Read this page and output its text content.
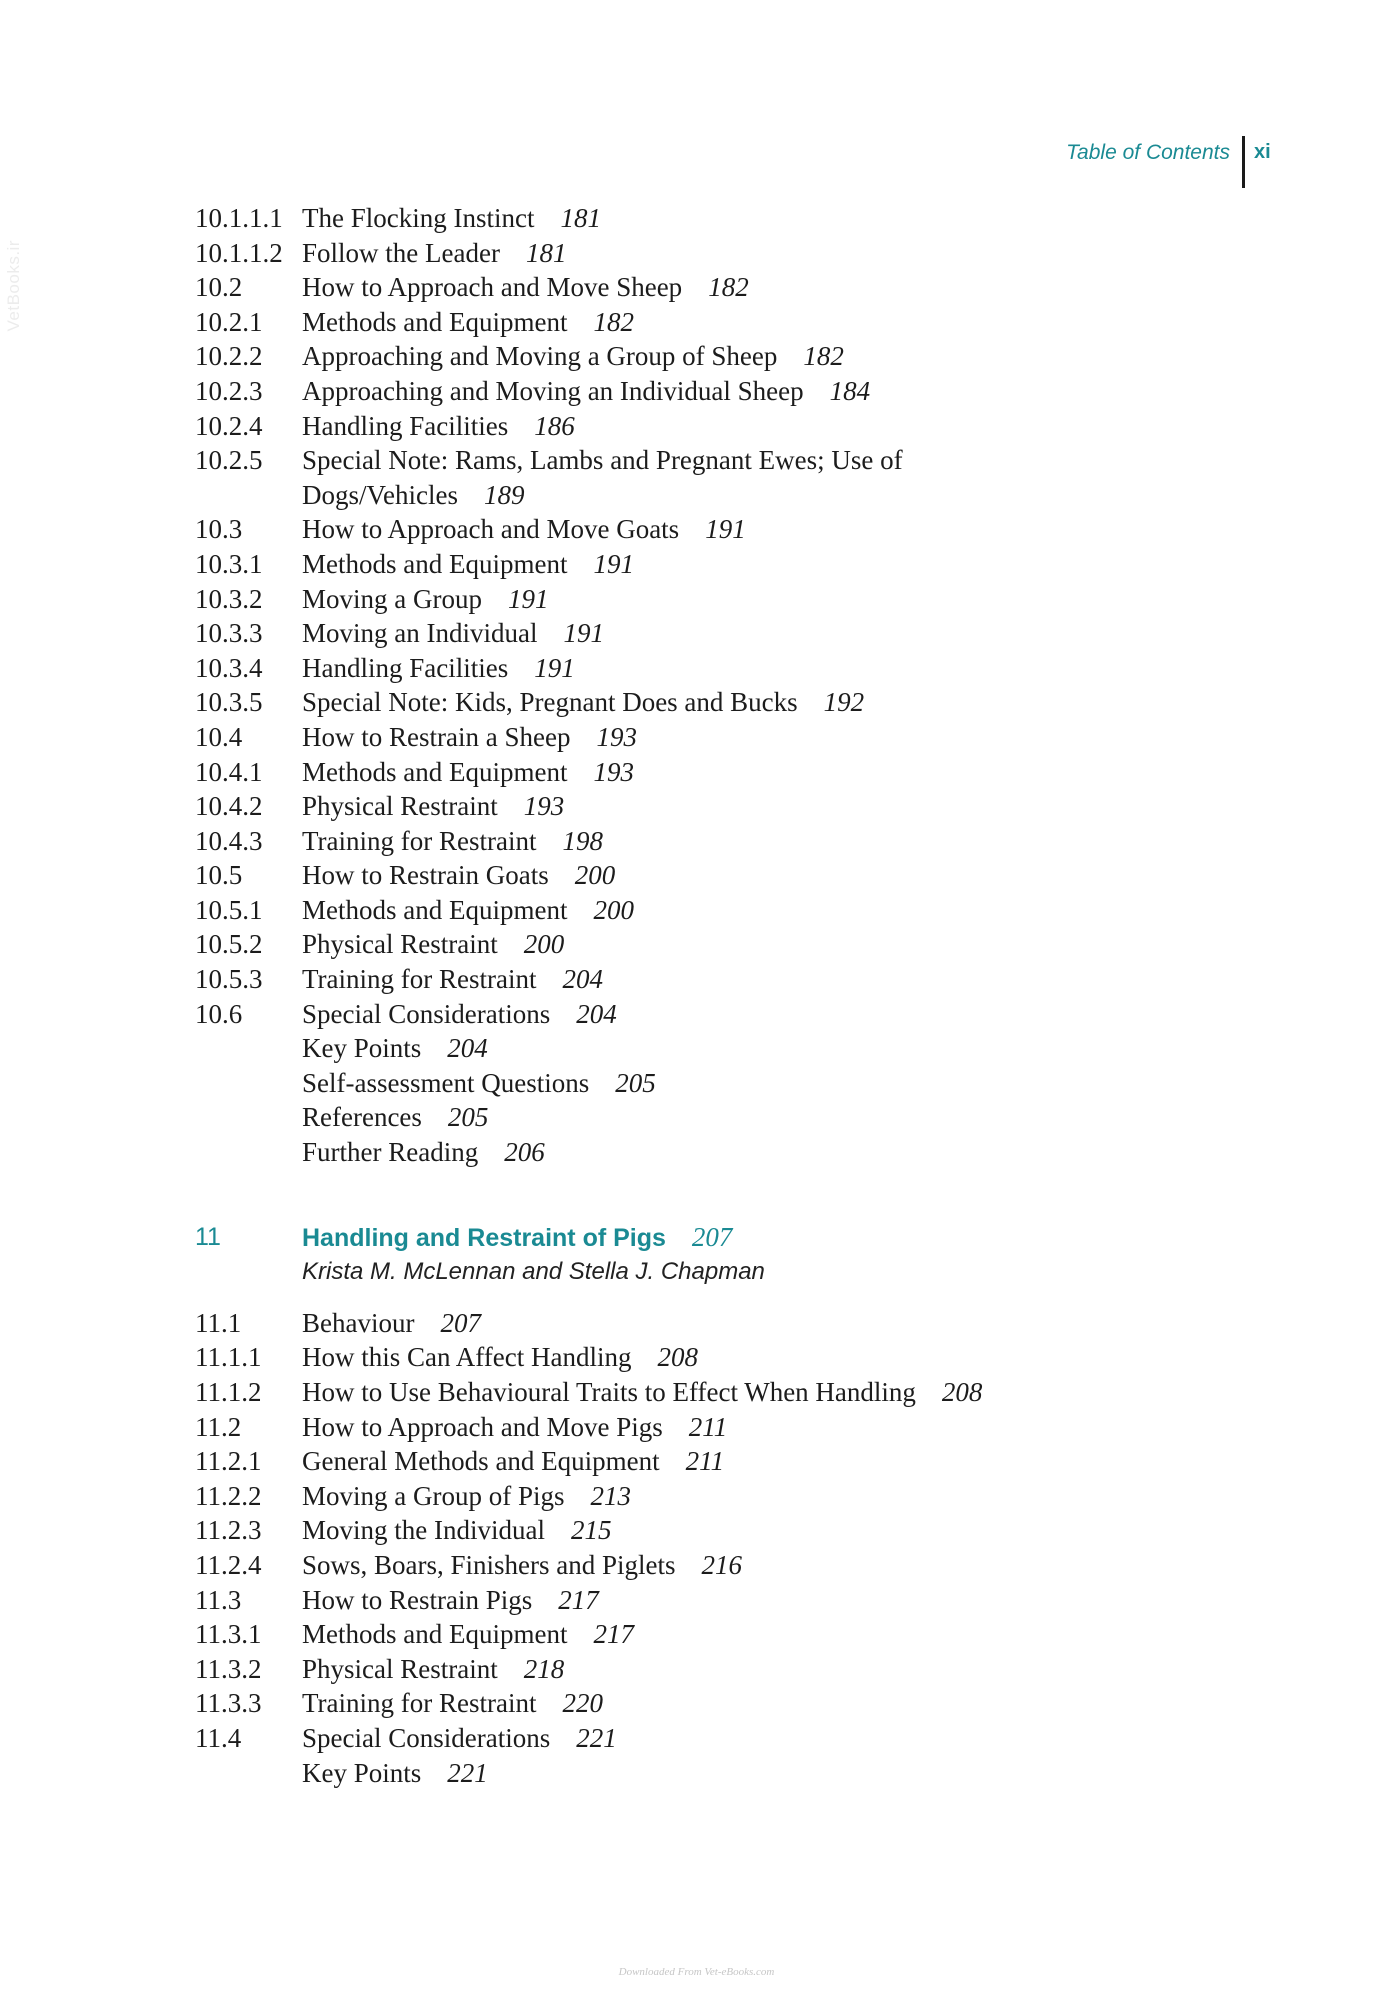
VetBooks.ir
Table of Contents xi
10.1.1.1 The Flocking Instinct 181
10.1.1.2 Follow the Leader 181
10.2	How to Approach and Move Sheep 182
10.2.1	Methods and Equipment 182
10.2.2	Approaching and Moving a Group of Sheep 182
10.2.3	Approaching and Moving an Individual Sheep 184
10.2.4	Handling Facilities 186
10.2.5	Special Note: Rams, Lambs and Pregnant Ewes; Use of
Dogs/Vehicles 189
10.3	How to Approach and Move Goats 191
10.3.1	Methods and Equipment 191
10.3.2	Moving a Group 191
10.3.3	Moving an Individual 191
10.3.4	Handling Facilities 191
10.3.5	Special Note: Kids, Pregnant Does and Bucks 192
10.4	How to Restrain a Sheep 193
10.4.1	Methods and Equipment 193
10.4.2	Physical Restraint 193
10.4.3	Training for Restraint 198
10.5	How to Restrain Goats 200
10.5.1	Methods and Equipment 200
10.5.2	Physical Restraint 200
10.5.3	Training for Restraint 204
10.6	Special Considerations 204
Key Points 204
Self-assessment Questions 205
References 205
Further Reading 206
11	Handling and Restraint of Pigs 207
Krista M. McLennan and Stella J. Chapman
11.1	Behaviour 207
11.1.1	How this Can Affect Handling 208
11.1.2	How to Use Behavioural Traits to Effect When Handling 208
11.2	How to Approach and Move Pigs 211
11.2.1	General Methods and Equipment 211
11.2.2	Moving a Group of Pigs 213
11.2.3	Moving the Individual 215
11.2.4	Sows, Boars, Finishers and Piglets 216
11.3	How to Restrain Pigs 217
11.3.1	Methods and Equipment 217
11.3.2	Physical Restraint 218
11.3.3	Training for Restraint 220
11.4	Special Considerations 221
Key Points 221
Downloaded From Vet-eBooks.com
